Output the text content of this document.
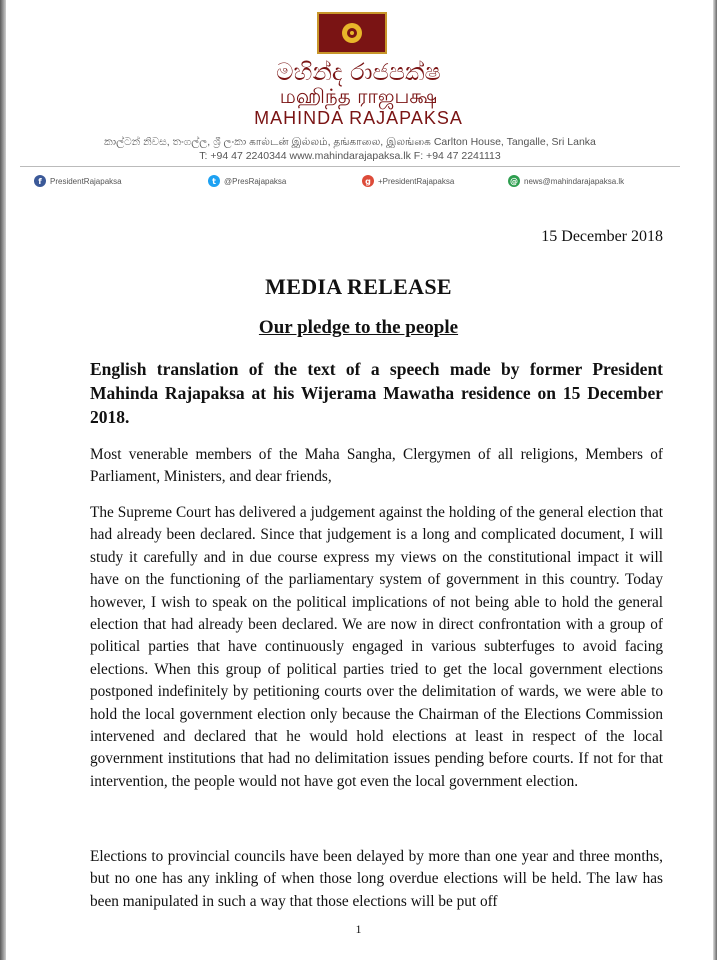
මහින්ද රාජපක්ෂ
மஹிந்த ராஜபக்ஷ
MAHINDA RAJAPAKSA
කාල්ටන් නිවස, තංගල්ල, ශ්‍රී ලංකා கால்டன் இல்லம், தங்காலை, இலங்கை Carlton House, Tangalle, Sri Lanka
T: +94 47 2240344 www.mahindarajapaksa.lk F: +94 47 2241113
f	PresidentRajapaksa	t	@PresRajapaksa	g +PresidentRajapaksa	@ news@mahindarajapaksa.lk
15 December 2018
MEDIA RELEASE
Our pledge to the people
English translation of the text of a speech made by former President Mahinda Rajapaksa at his Wijerama Mawatha residence on 15 December 2018.
Most venerable members of the Maha Sangha, Clergymen of all religions, Members of Parliament, Ministers, and dear friends,
The Supreme Court has delivered a judgement against the holding of the general election that had already been declared. Since that judgement is a long and complicated document, I will study it carefully and in due course express my views on the constitutional impact it will have on the functioning of the parliamentary system of government in this country. Today however, I wish to speak on the political implications of not being able to hold the general election that had already been declared. We are now in direct confrontation with a group of political parties that have continuously engaged in various subterfuges to avoid facing elections. When this group of political parties tried to get the local government elections postponed indefinitely by petitioning courts over the delimitation of wards, we were able to hold the local government election only because the Chairman of the Elections Commission intervened and declared that he would hold elections at least in respect of the local government institutions that had no delimitation issues pending before courts. If not for that intervention, the people would not have got even the local government election.
Elections to provincial councils have been delayed by more than one year and three months, but no one has any inkling of when those long overdue elections will be held. The law has been manipulated in such a way that those elections will be put off
1
